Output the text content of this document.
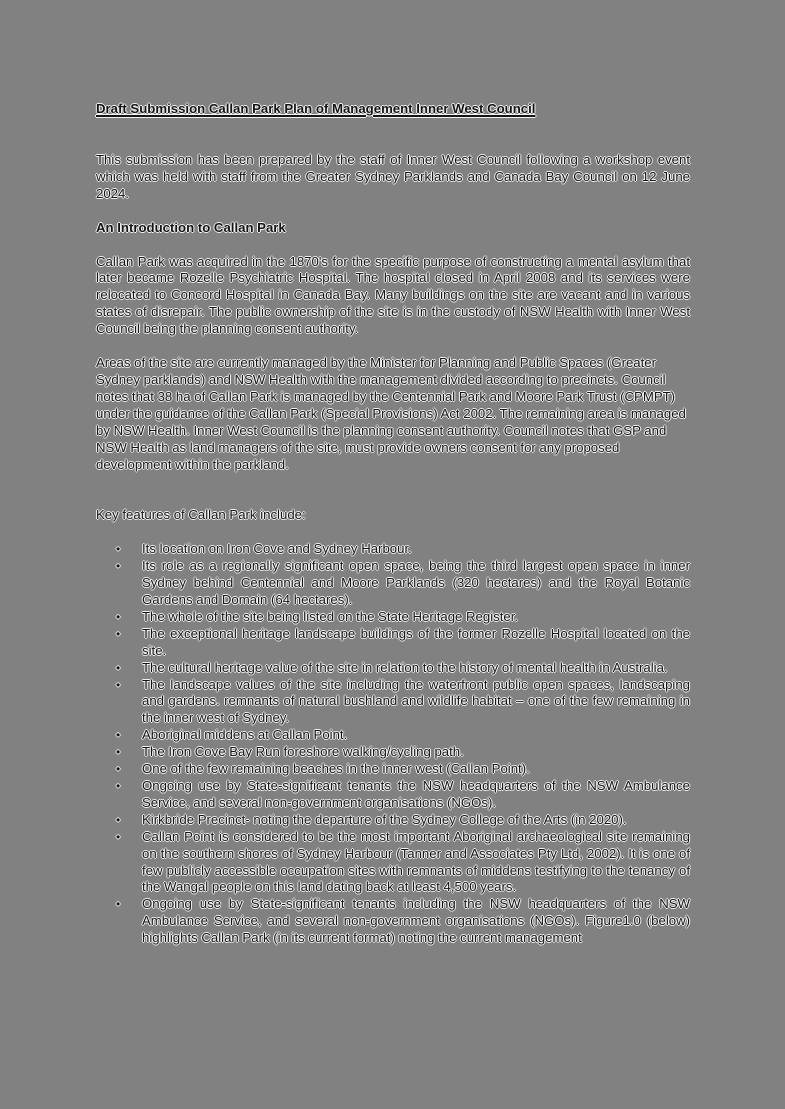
Draft Submission Callan Park Plan of Management Inner West Council

This submission has been prepared by the staff of Inner West Council following a workshop event which was held with staff from the Greater Sydney Parklands and Canada Bay Council on 12 June 2024.

An Introduction to Callan Park

Callan Park was acquired in the 1870's for the specific purpose of constructing a mental asylum that later became Rozelle Psychiatric Hospital. The hospital closed in April 2008 and its services were relocated to Concord Hospital in Canada Bay. Many buildings on the site are vacant and in various states of disrepair. The public ownership of the site is in the custody of NSW Health with Inner West Council being the planning consent authority.

Areas of the site are currently managed by the Minister for Planning and Public Spaces (Greater Sydney parklands) and NSW Health with the management divided according to precincts. Council notes that 38 ha of Callan Park is managed by the Centennial Park and Moore Park Trust (CPMPT) under the guidance of the Callan Park (Special Provisions) Act 2002. The remaining area is managed by NSW Health. Inner West Council is the planning consent authority. Council notes that GSP and NSW Health as land managers of the site, must provide owners consent for any proposed development within the parkland.

Key features of Callan Park include:

• Its location on Iron Cove and Sydney Harbour.
• Its role as a regionally significant open space, being the third largest open space in inner Sydney behind Centennial and Moore Parklands (320 hectares) and the Royal Botanic Gardens and Domain (64 hectares).
• The whole of the site being listed on the State Heritage Register.
• The exceptional heritage landscape buildings of the former Rozelle Hospital located on the site.
• The cultural heritage value of the site in relation to the history of mental health in Australia.
• The landscape values of the site including the waterfront public open spaces, landscaping and gardens. remnants of natural bushland and wildlife habitat – one of the few remaining in the inner west of Sydney.
• Aboriginal middens at Callan Point.
• The Iron Cove Bay Run foreshore walking/cycling path.
• One of the few remaining beaches in the inner west (Callan Point).
• Ongoing use by State-significant tenants the NSW headquarters of the NSW Ambulance Service, and several non-government organisations (NGOs).
• Kirkbride Precinct- noting the departure of the Sydney College of the Arts (in 2020).
• Callan Point is considered to be the most important Aboriginal archaeological site remaining on the southern shores of Sydney Harbour (Tanner and Associates Pty Ltd, 2002). It is one of few publicly accessible occupation sites with remnants of middens testifying to the tenancy of the Wangal people on this land dating back at least 4,500 years.
• Ongoing use by State-significant tenants including the NSW headquarters of the NSW Ambulance Service, and several non-government organisations (NGOs). Figure1.0 (below) highlights Callan Park (in its current format) noting the current management
